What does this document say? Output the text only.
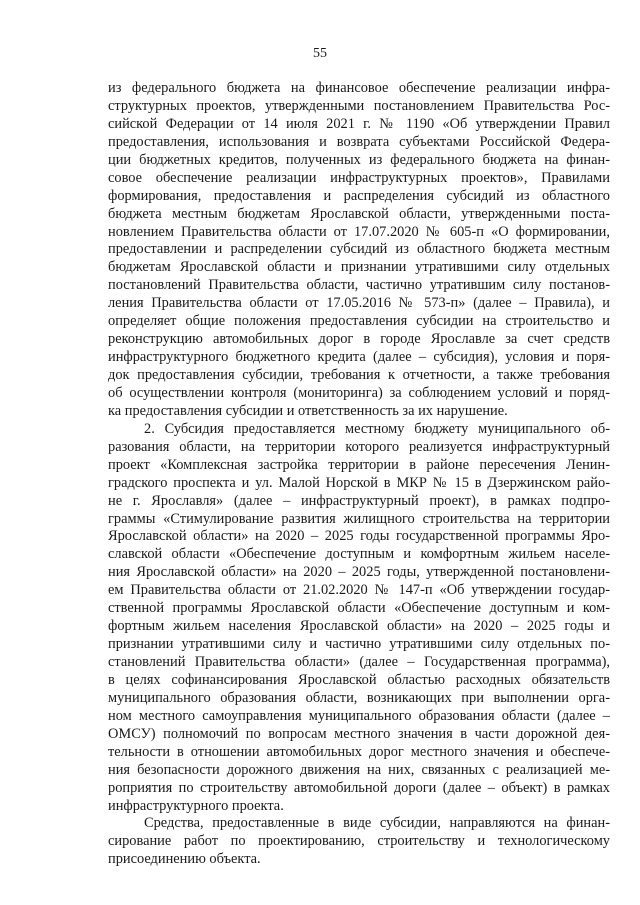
55
из федерального бюджета на финансовое обеспечение реализации инфра-
структурных проектов, утвержденными постановлением Правительства Рос-
сийской Федерации от 14 июля 2021 г. № 1190 «Об утверждении Правил
предоставления, использования и возврата субъектами Российской Федера-
ции бюджетных кредитов, полученных из федерального бюджета на финан-
совое обеспечение реализации инфраструктурных проектов», Правилами
формирования, предоставления и распределения субсидий из областного
бюджета местным бюджетам Ярославской области, утвержденными поста-
новлением Правительства области от 17.07.2020 № 605-п «О формировании,
предоставлении и распределении субсидий из областного бюджета местным
бюджетам Ярославской области и признании утратившими силу отдельных
постановлений Правительства области, частично утратившим силу постанов-
ления Правительства области от 17.05.2016 № 573-п» (далее – Правила), и
определяет общие положения предоставления субсидии на строительство и
реконструкцию автомобильных дорог в городе Ярославле за счет средств
инфраструктурного бюджетного кредита (далее – субсидия), условия и поря-
док предоставления субсидии, требования к отчетности, а также требования
об осуществлении контроля (мониторинга) за соблюдением условий и поряд-
ка предоставления субсидии и ответственность за их нарушение.
2. Субсидия предоставляется местному бюджету муниципального об-
разования области, на территории которого реализуется инфраструктурный
проект «Комплексная застройка территории в районе пересечения Ленин-
градского проспекта и ул. Малой Норской в МКР № 15 в Дзержинском райо-
не г. Ярославля» (далее – инфраструктурный проект), в рамках подпро-
граммы «Стимулирование развития жилищного строительства на территории
Ярославской области» на 2020 – 2025 годы государственной программы Яро-
славской области «Обеспечение доступным и комфортным жильем населе-
ния Ярославской области» на 2020 – 2025 годы, утвержденной постановлени-
ем Правительства области от 21.02.2020 № 147-п «Об утверждении государ-
ственной программы Ярославской области «Обеспечение доступным и ком-
фортным жильем населения Ярославской области» на 2020 – 2025 годы и
признании утратившими силу и частично утратившими силу отдельных по-
становлений Правительства области» (далее – Государственная программа),
в целях софинансирования Ярославской областью расходных обязательств
муниципального образования области, возникающих при выполнении орга-
ном местного самоуправления муниципального образования области (далее –
ОМСУ) полномочий по вопросам местного значения в части дорожной дея-
тельности в отношении автомобильных дорог местного значения и обеспече-
ния безопасности дорожного движения на них, связанных с реализацией ме-
роприятия по строительству автомобильной дороги (далее – объект) в рамках
инфраструктурного проекта.
Средства, предоставленные в виде субсидии, направляются на финан-
сирование работ по проектированию, строительству и технологическому
присоединению объекта.
